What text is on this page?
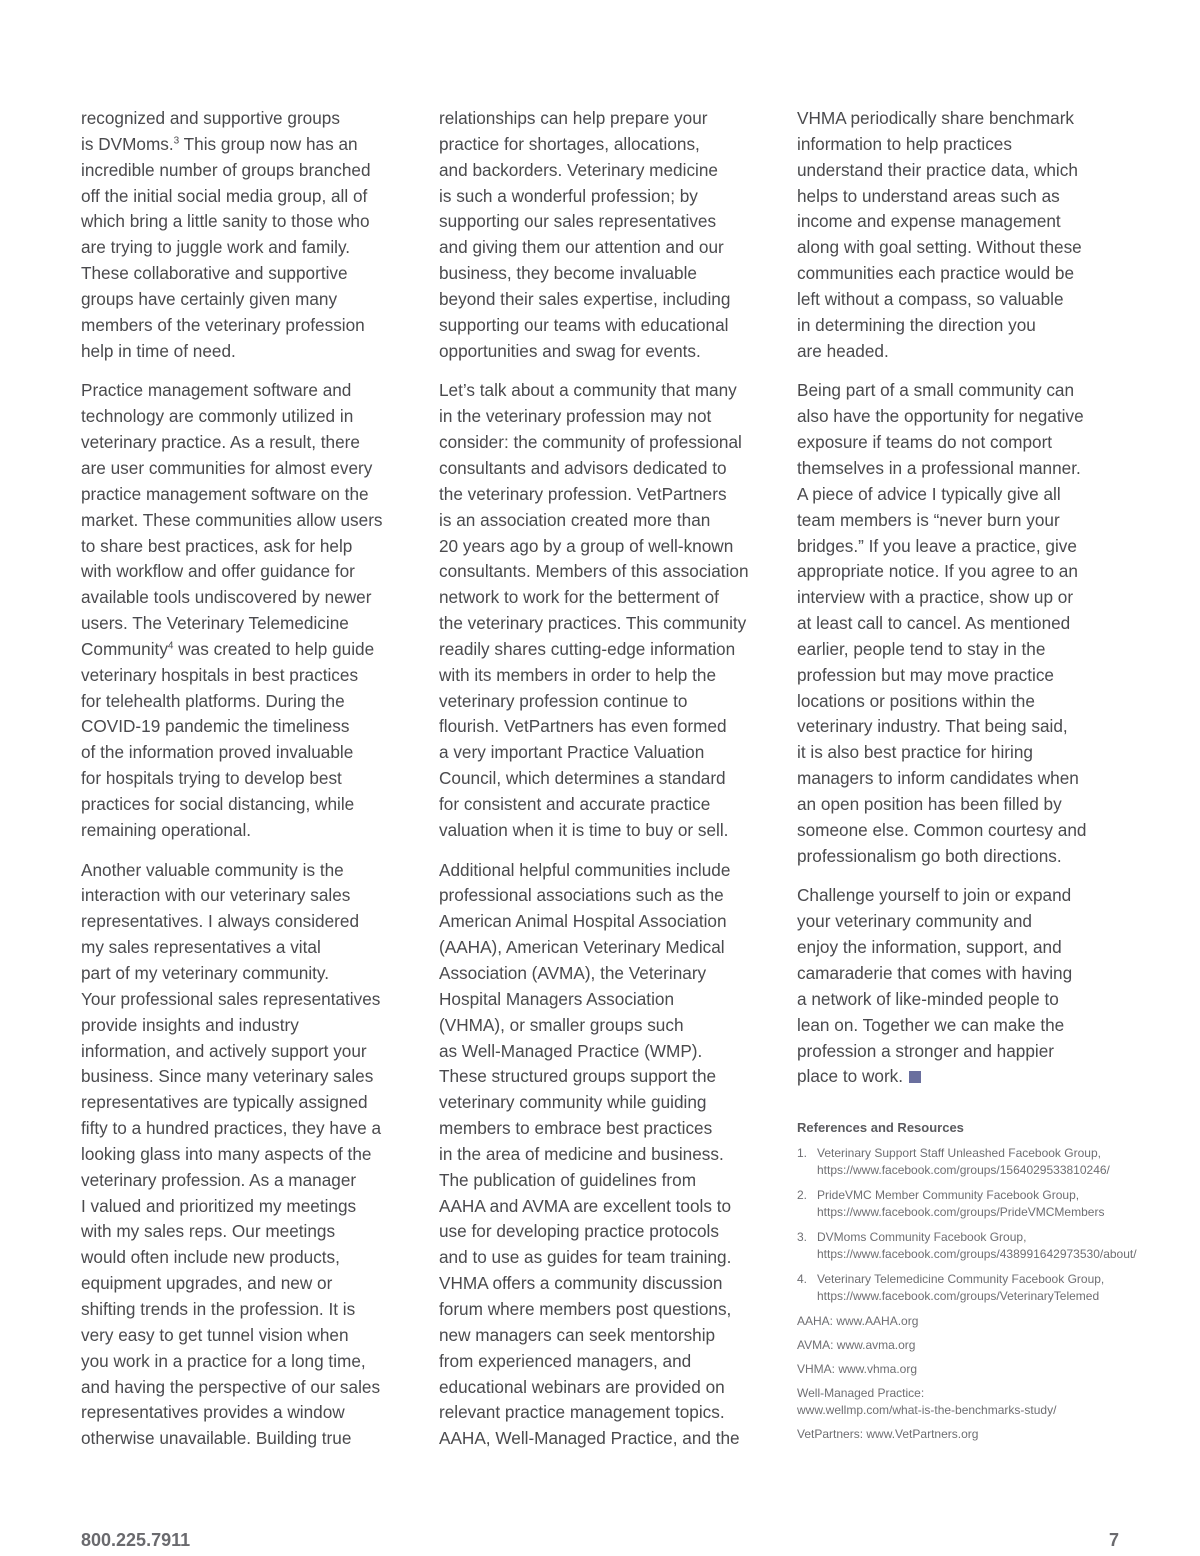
recognized and supportive groups
is DVMoms.$^3$ This group now has an
incredible number of groups branched
off the initial social media group, all of
which bring a little sanity to those who
are trying to juggle work and family.
These collaborative and supportive
groups have certainly given many
members of the veterinary profession
help in time of need.

Practice management software and
technology are commonly utilized in
veterinary practice. As a result, there
are user communities for almost every
practice management software on the
market. These communities allow users
to share best practices, ask for help
with workflow and offer guidance for
available tools undiscovered by newer
users. The Veterinary Telemedicine
Community$^4$ was created to help guide
veterinary hospitals in best practices
for telehealth platforms. During the
COVID-19 pandemic the timeliness
of the information proved invaluable
for hospitals trying to develop best
practices for social distancing, while
remaining operational.

Another valuable community is the
interaction with our veterinary sales
representatives. I always considered
my sales representatives a vital
part of my veterinary community.
Your professional sales representatives
provide insights and industry
information, and actively support your
business. Since many veterinary sales
representatives are typically assigned
fifty to a hundred practices, they have a
looking glass into many aspects of the
veterinary profession. As a manager
I valued and prioritized my meetings
with my sales reps. Our meetings
would often include new products,
equipment upgrades, and new or
shifting trends in the profession. It is
very easy to get tunnel vision when
you work in a practice for a long time,
and having the perspective of our sales
representatives provides a window
otherwise unavailable. Building true

relationships can help prepare your
practice for shortages, allocations,
and backorders. Veterinary medicine
is such a wonderful profession; by
supporting our sales representatives
and giving them our attention and our
business, they become invaluable
beyond their sales expertise, including
supporting our teams with educational
opportunities and swag for events.

Let’s talk about a community that many
in the veterinary profession may not
consider: the community of professional
consultants and advisors dedicated to
the veterinary profession. VetPartners
is an association created more than
20 years ago by a group of well-known
consultants. Members of this association
network to work for the betterment of
the veterinary practices. This community
readily shares cutting-edge information
with its members in order to help the
veterinary profession continue to
flourish. VetPartners has even formed
a very important Practice Valuation
Council, which determines a standard
for consistent and accurate practice
valuation when it is time to buy or sell.

Additional helpful communities include
professional associations such as the
American Animal Hospital Association
(AAHA), American Veterinary Medical
Association (AVMA), the Veterinary
Hospital Managers Association
(VHMA), or smaller groups such
as Well-Managed Practice (WMP).
These structured groups support the
veterinary community while guiding
members to embrace best practices
in the area of medicine and business.
The publication of guidelines from
AAHA and AVMA are excellent tools to
use for developing practice protocols
and to use as guides for team training.
VHMA offers a community discussion
forum where members post questions,
new managers can seek mentorship
from experienced managers, and
educational webinars are provided on
relevant practice management topics.
AAHA, Well-Managed Practice, and the

VHMA periodically share benchmark
information to help practices
understand their practice data, which
helps to understand areas such as
income and expense management
along with goal setting. Without these
communities each practice would be
left without a compass, so valuable
in determining the direction you
are headed.

Being part of a small community can
also have the opportunity for negative
exposure if teams do not comport
themselves in a professional manner.
A piece of advice I typically give all
team members is “never burn your
bridges.” If you leave a practice, give
appropriate notice. If you agree to an
interview with a practice, show up or
at least call to cancel. As mentioned
earlier, people tend to stay in the
profession but may move practice
locations or positions within the
veterinary industry. That being said,
it is also best practice for hiring
managers to inform candidates when
an open position has been filled by
someone else. Common courtesy and
professionalism go both directions.

Challenge yourself to join or expand
your veterinary community and
enjoy the information, support, and
camaraderie that comes with having
a network of like-minded people to
lean on. Together we can make the
profession a stronger and happier
place to work.

References and Resources
1. Veterinary Support Staff Unleashed Facebook Group,
https://www.facebook.com/groups/1564029533810246/
2. PrideVMC Member Community Facebook Group,
https://www.facebook.com/groups/PrideVMCMembers
3. DVMoms Community Facebook Group,
https://www.facebook.com/groups/438991642973530/about/
4. Veterinary Telemedicine Community Facebook Group,
https://www.facebook.com/groups/VeterinaryTelemed
AAHA: www.AAHA.org
AVMA: www.avma.org
VHMA: www.vhma.org
Well-Managed Practice:
www.wellmp.com/what-is-the-benchmarks-study/
VetPartners: www.VetPartners.org
800.225.7911	7
